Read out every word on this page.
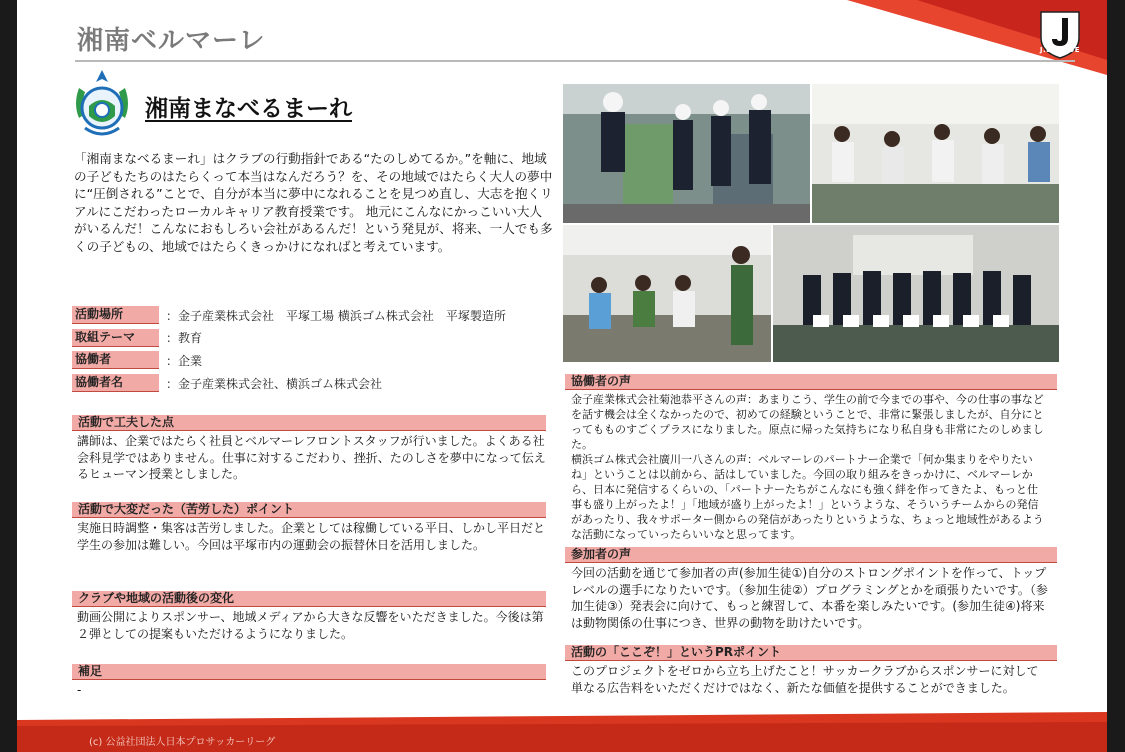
湘南ベルマーレ	J.LEAGUE
湘南まなべるまーれ
「湘南まなべるまーれ」はクラブの行動指針である“たのしめてるか。”を軸に、地域の子どもたちのはたらくって本当はなんだろう？を、その地域ではたらく大人の夢中に“圧倒される”ことで、自分が本当に夢中になれることを見つめ直し、大志を抱くリアルにこだわったローカルキャリア教育授業です。 地元にこんなにかっこいい大人がいるんだ！こんなにおもしろい会社があるんだ！という発見が、将来、一人でも多くの子どもの、地域ではたらくきっかけになればと考えています。
活動場所	：金子産業株式会社　平塚工場 横浜ゴム株式会社　平塚製造所
取組テーマ	：教育
協働者	：企業
協働者名	：金子産業株式会社、横浜ゴム株式会社
活動で工夫した点
講師は、企業ではたらく社員とベルマーレフロントスタッフが行いました。よくある社会科見学ではありません。仕事に対するこだわり、挫折、たのしさを夢中になって伝えるヒューマン授業としました。
活動で大変だった（苦労した）ポイント
実施日時調整・集客は苦労しました。企業としては稼働している平日、しかし平日だと学生の参加は難しい。今回は平塚市内の運動会の振替休日を活用しました。
クラブや地域の活動後の変化
動画公開によりスポンサー、地域メディアから大きな反響をいただきました。今後は第２弾としての提案もいただけるようになりました。
補足
-
協働者の声
金子産業株式会社菊池恭平さんの声：あまりこう、学生の前で今までの事や、今の仕事の事などを話す機会は全くなかったので、初めての経験ということで、非常に緊張しましたが、自分にとってもものすごくプラスになりました。原点に帰った気持ちになり私自身も非常にたのしめました。
横浜ゴム株式会社廣川一八さんの声：ベルマーレのパートナー企業で「何か集まりをやりたいね」ということは以前から、話はしていました。今回の取り組みをきっかけに、ベルマーレから、日本に発信するくらいの、「パートナーたちがこんなにも強く絆を作ってきたよ、もっと仕事も盛り上がったよ！」「地域が盛り上がったよ！」というような、そういうチームからの発信があったり、我々サポーター側からの発信があったりというような、ちょっと地域性があるような活動になっていったらいいなと思ってます。
参加者の声
今回の活動を通じて参加者の声(参加生徒①)自分のストロングポイントを作って、トップレベルの選手になりたいです。（参加生徒②）プログラミングとかを頑張りたいです。（参加生徒③）発表会に向けて、もっと練習して、本番を楽しみたいです。(参加生徒④)将来は動物関係の仕事につき、世界の動物を助けたいです。
活動の「ここぞ！」というPRポイント
このプロジェクトをゼロから立ち上げたこと！サッカークラブからスポンサーに対して単なる広告料をいただくだけではなく、新たな価値を提供することができました。
(c) 公益社団法人日本プロサッカーリーグ
